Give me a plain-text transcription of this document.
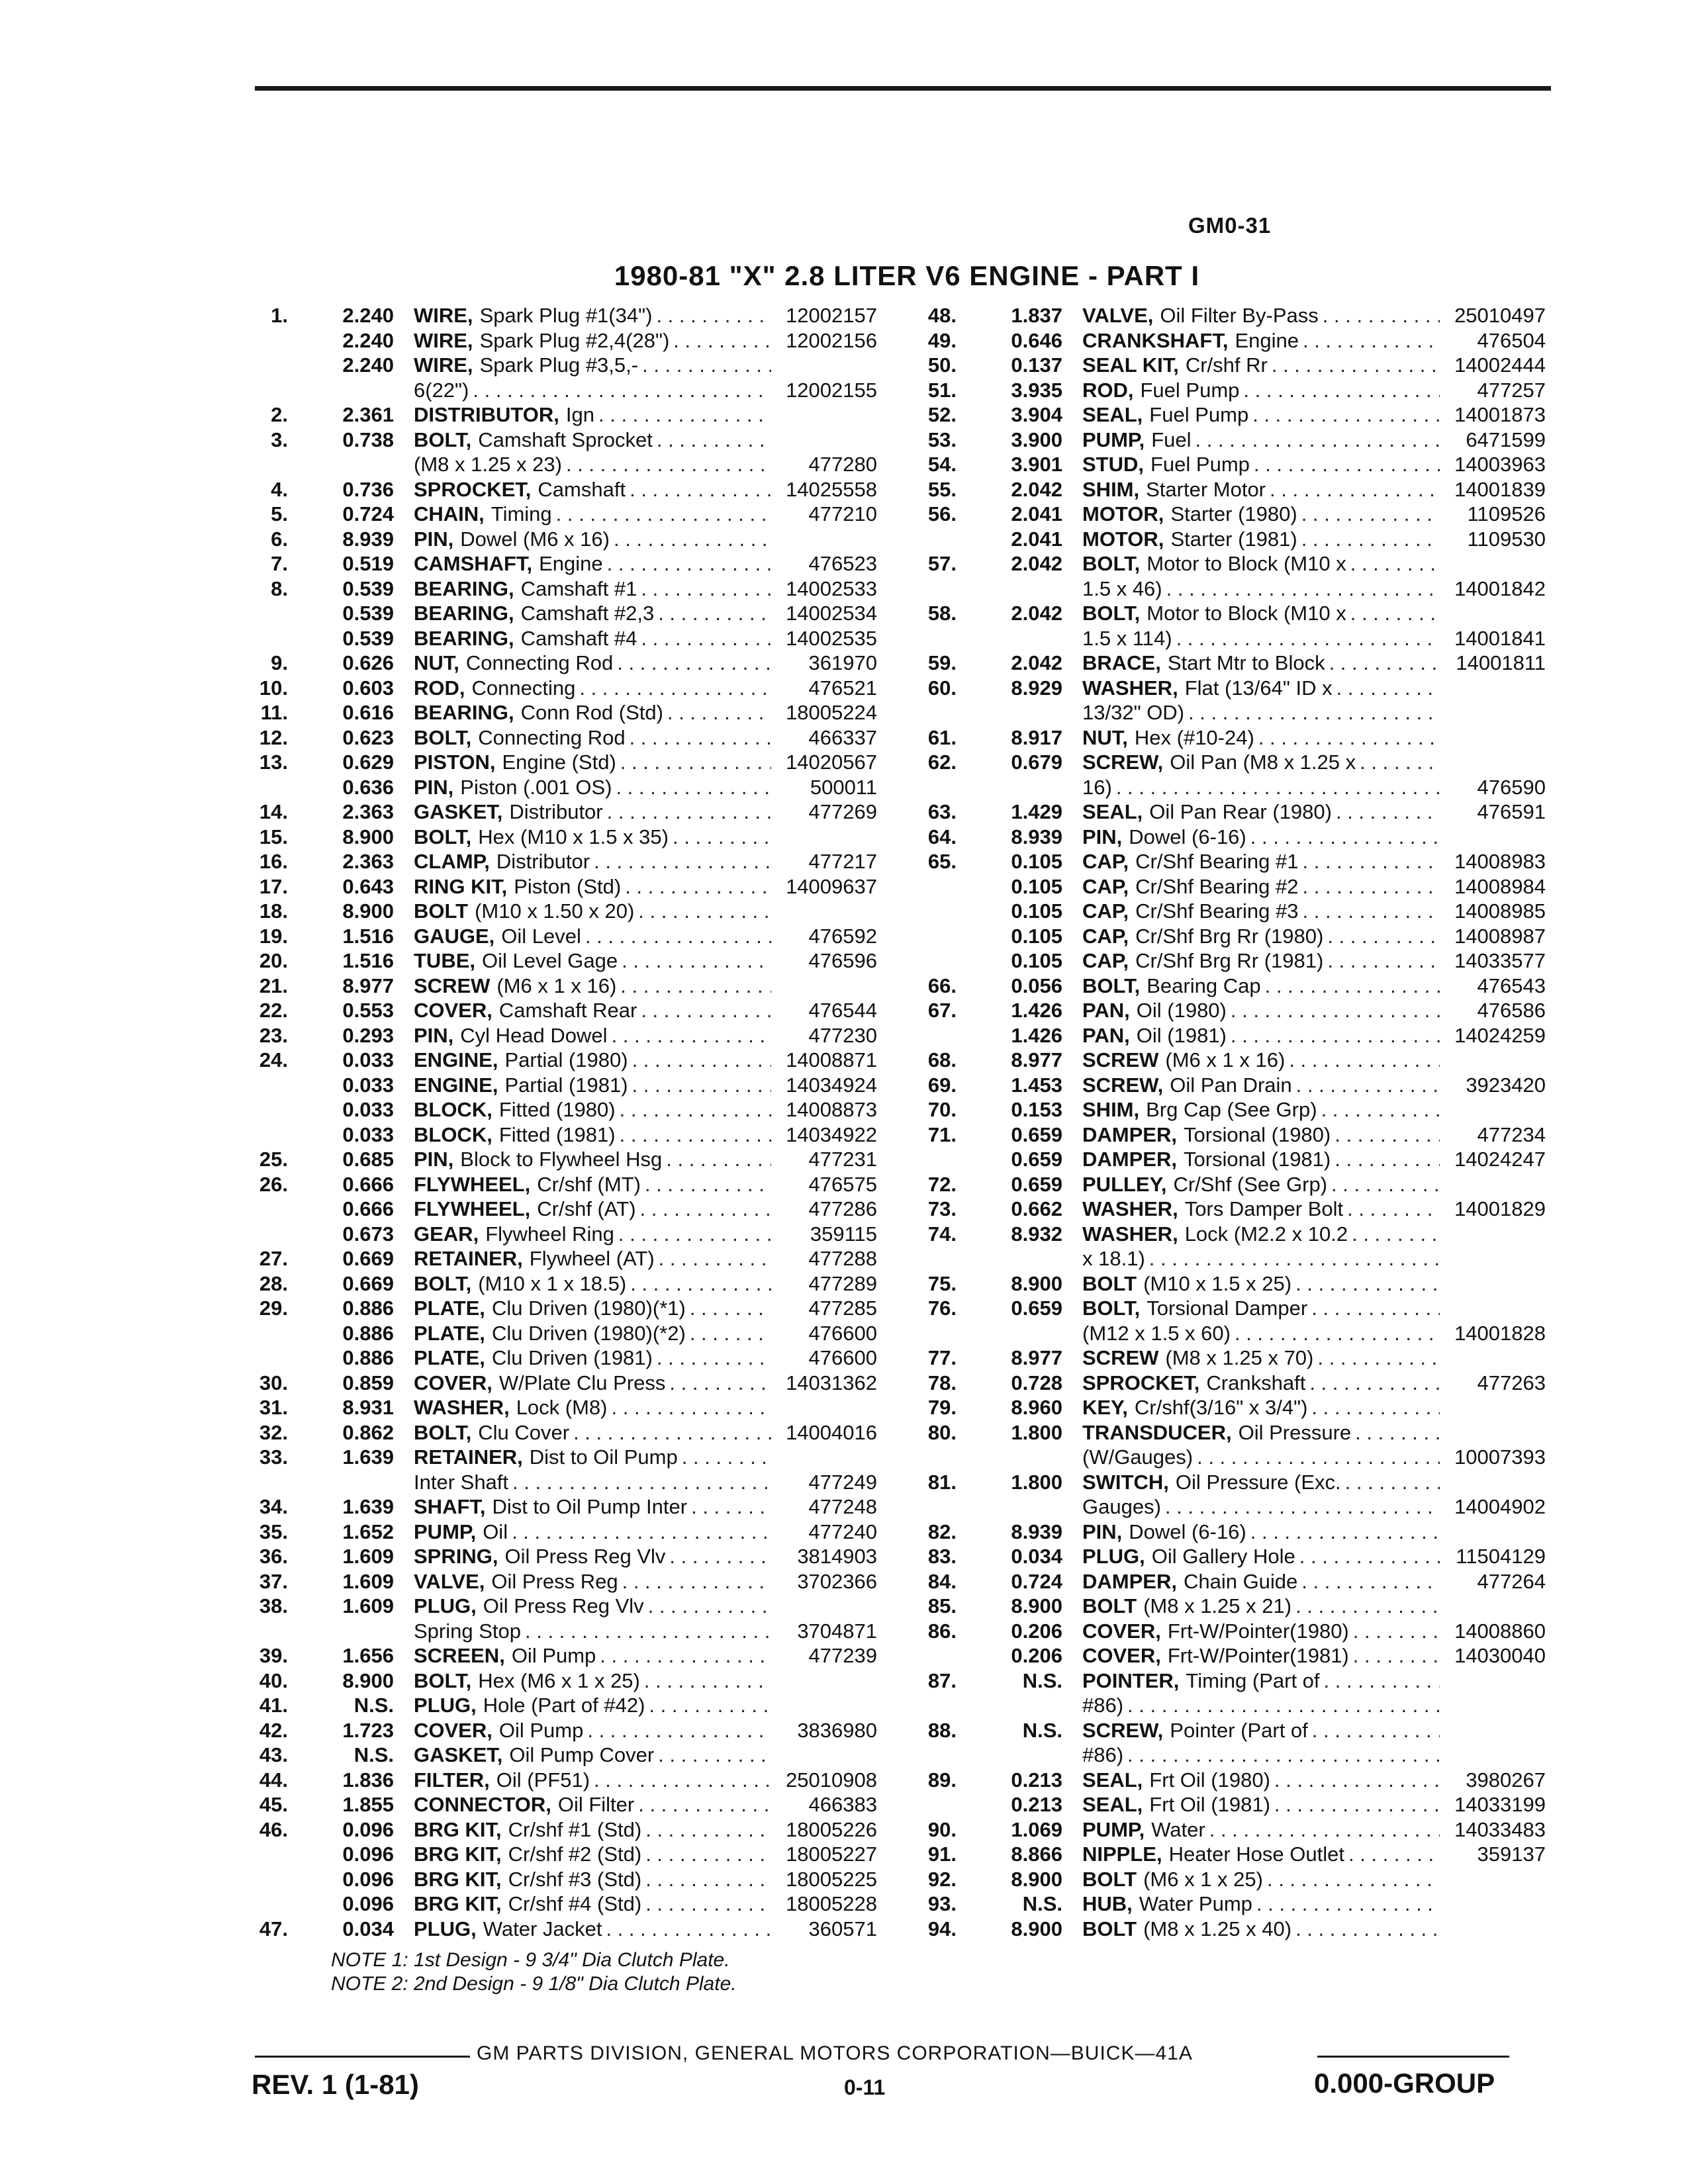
GM0-31
1980-81 "X" 2.8 LITER V6 ENGINE - PART I
1.	2.240 WIRE, Spark Plug #1(34") . . .	12002157
2.240 WIRE, Spark Plug #2,4(28") . . .	12002156
2.240 WIRE, Spark Plug #3,5,-
. . .
6(22") . . .	12002155
2.	2.361 DISTRIBUTOR, Ign
. . .
3.	0.738 BOLT, Camshaft Sprocket
. . .
(M8 x 1.25 x 23) . . .	477280
4.	0.736 SPROCKET, Camshaft . . .	14025558
5.	0.724 CHAIN, Timing . . .	477210
6.	8.939 PIN, Dowel (M6 x 16)
. . .
7.	0.519 CAMSHAFT, Engine . . .	476523
8.	0.539 BEARING, Camshaft #1 . . .	14002533
0.539 BEARING, Camshaft #2,3 . . .	14002534
0.539 BEARING, Camshaft #4 . . .	14002535
9.	0.626 NUT, Connecting Rod . . .	361970
10.	0.603 ROD, Connecting . . .	476521
11.	0.616 BEARING, Conn Rod (Std) . . .	18005224
12.	0.623 BOLT, Connecting Rod . . .	466337
13.	0.629 PISTON, Engine (Std) . . .	14020567
0.636 PIN, Piston (.001 OS) . . .	500011
14.	2.363 GASKET, Distributor . . .	477269
15.	8.900 BOLT, Hex (M10 x 1.5 x 35)
. . .
16.	2.363 CLAMP, Distributor . . .	477217
17.	0.643 RING KIT, Piston (Std) . . .	14009637
18.	8.900 BOLT (M10 x 1.50 x 20)
. . .
19.	1.516 GAUGE, Oil Level . . .	476592
20.	1.516 TUBE, Oil Level Gage . . .	476596
21.	8.977 SCREW (M6 x 1 x 16)
. . .
22.	0.553 COVER, Camshaft Rear . . .	476544
23.	0.293 PIN, Cyl Head Dowel . . .	477230
24.	0.033 ENGINE, Partial (1980) . . .	14008871
0.033 ENGINE, Partial (1981) . . .	14034924
0.033 BLOCK, Fitted (1980) . . .	14008873
0.033 BLOCK, Fitted (1981) . . .	14034922
25.	0.685 PIN, Block to Flywheel Hsg . . .	477231
26.	0.666 FLYWHEEL, Cr/shf (MT) . . .	476575
0.666 FLYWHEEL, Cr/shf (AT) . . .	477286
0.673 GEAR, Flywheel Ring . . .	359115
27.	0.669 RETAINER, Flywheel (AT) . . .	477288
28.	0.669 BOLT, (M10 x 1 x 18.5) . . .	477289
29.	0.886 PLATE, Clu Driven (1980)(*1) . . .	477285
0.886 PLATE, Clu Driven (1980)(*2) . . .	476600
0.886 PLATE, Clu Driven (1981) . . .	476600
30.	0.859 COVER, W/Plate Clu Press . . .	14031362
31.	8.931 WASHER, Lock (M8)
. . .
32.	0.862 BOLT, Clu Cover . . .	14004016
33.	1.639 RETAINER, Dist to Oil Pump
. . .
Inter Shaft . . .	477249
34.	1.639 SHAFT, Dist to Oil Pump Inter . . .	477248
35.	1.652 PUMP, Oil . . .	477240
36.	1.609 SPRING, Oil Press Reg Vlv . . .	3814903
37.	1.609 VALVE, Oil Press Reg . . .	3702366
38.	1.609 PLUG, Oil Press Reg Vlv
. . .
Spring Stop . . .	3704871
39.	1.656 SCREEN, Oil Pump . . .	477239
40.	8.900 BOLT, Hex (M6 x 1 x 25)
. . .
41.	N.S. PLUG, Hole (Part of #42)
. . .
42.	1.723 COVER, Oil Pump . . .	3836980
43.	N.S. GASKET, Oil Pump Cover
. . .
44.	1.836 FILTER, Oil (PF51) . . .	25010908
45.	1.855 CONNECTOR, Oil Filter . . .	466383
46.	0.096 BRG KIT, Cr/shf #1 (Std) . . .	18005226
0.096 BRG KIT, Cr/shf #2 (Std) . . .	18005227
0.096 BRG KIT, Cr/shf #3 (Std) . . .	18005225
0.096 BRG KIT, Cr/shf #4 (Std) . . .	18005228
47.	0.034 PLUG, Water Jacket . . .	360571
48.	1.837 VALVE, Oil Filter By-Pass . . .	25010497
49.	0.646 CRANKSHAFT, Engine . . .	476504
50.	0.137 SEAL KIT, Cr/shf Rr . . .	14002444
51.	3.935 ROD, Fuel Pump . . .	477257
52.	3.904 SEAL, Fuel Pump . . .	14001873
53.	3.900 PUMP, Fuel . . .	6471599
54.	3.901 STUD, Fuel Pump . . .	14003963
55.	2.042 SHIM, Starter Motor . . .	14001839
56.	2.041 MOTOR, Starter (1980) . . .	1109526
2.041 MOTOR, Starter (1981) . . .	1109530
57.	2.042 BOLT, Motor to Block (M10 x
. . .
1.5 x 46) . . .	14001842
58.	2.042 BOLT, Motor to Block (M10 x
. . .
1.5 x 114) . . .	14001841
59.	2.042 BRACE, Start Mtr to Block . . .	14001811
60.	8.929 WASHER, Flat (13/64" ID x
. . .
13/32" OD)
. . .
61.	8.917 NUT, Hex (#10-24)
. . .
62.	0.679 SCREW, Oil Pan (M8 x 1.25 x
. . .
16) . . .	476590
63.	1.429 SEAL, Oil Pan Rear (1980) . . .	476591
64.	8.939 PIN, Dowel (6-16)
. . .
65.	0.105 CAP, Cr/Shf Bearing #1 . . .	14008983
0.105 CAP, Cr/Shf Bearing #2 . . .	14008984
0.105 CAP, Cr/Shf Bearing #3 . . .	14008985
0.105 CAP, Cr/Shf Brg Rr (1980) . . .	14008987
0.105 CAP, Cr/Shf Brg Rr (1981) . . .	14033577
66.	0.056 BOLT, Bearing Cap . . .	476543
67.	1.426 PAN, Oil (1980) . . .	476586
1.426 PAN, Oil (1981) . . .	14024259
68.	8.977 SCREW (M6 x 1 x 16)
. . .
69.	1.453 SCREW, Oil Pan Drain . . .	3923420
70.	0.153 SHIM, Brg Cap (See Grp)
. . .
71.	0.659 DAMPER, Torsional (1980) . . .	477234
0.659 DAMPER, Torsional (1981) . . .	14024247
72.	0.659 PULLEY, Cr/Shf (See Grp)
. . .
73.	0.662 WASHER, Tors Damper Bolt . . .	14001829
74.	8.932 WASHER, Lock (M2.2 x 10.2
. . .
x 18.1)
. . .
75.	8.900 BOLT (M10 x 1.5 x 25)
. . .
76.	0.659 BOLT, Torsional Damper
. . .
(M12 x 1.5 x 60) . . .	14001828
77.	8.977 SCREW (M8 x 1.25 x 70)
. . .
78.	0.728 SPROCKET, Crankshaft . . .	477263
79.	8.960 KEY, Cr/shf(3/16" x 3/4")
. . .
80.	1.800 TRANSDUCER, Oil Pressure
. . .
(W/Gauges) . . .	10007393
81.	1.800 SWITCH, Oil Pressure (Exc.
. . .
Gauges) . . .	14004902
82.	8.939 PIN, Dowel (6-16)
. . .
83.	0.034 PLUG, Oil Gallery Hole . . .	11504129
84.	0.724 DAMPER, Chain Guide . . .	477264
85.	8.900 BOLT (M8 x 1.25 x 21)
. . .
86.	0.206 COVER, Frt-W/Pointer(1980) . . .	14008860
0.206 COVER, Frt-W/Pointer(1981) . . .	14030040
87.	N.S. POINTER, Timing (Part of
. . .
#86)
. . .
88.	N.S. SCREW, Pointer (Part of
. . .
#86)
. . .
89.	0.213 SEAL, Frt Oil (1980) . . .	3980267
0.213 SEAL, Frt Oil (1981) . . .	14033199
90.	1.069 PUMP, Water . . .	14033483
91.	8.866 NIPPLE, Heater Hose Outlet . . .	359137
92.	8.900 BOLT (M6 x 1 x 25)
. . .
93.	N.S. HUB, Water Pump
. . .
94.	8.900 BOLT (M8 x 1.25 x 40)
. . .
NOTE 1: 1st Design - 9 3/4" Dia Clutch Plate.
NOTE 2: 2nd Design - 9 1/8" Dia Clutch Plate.
GM PARTS DIVISION, GENERAL MOTORS CORPORATION—BUICK—41A
REV. 1 (1-81)	0-11	0.000-GROUP
